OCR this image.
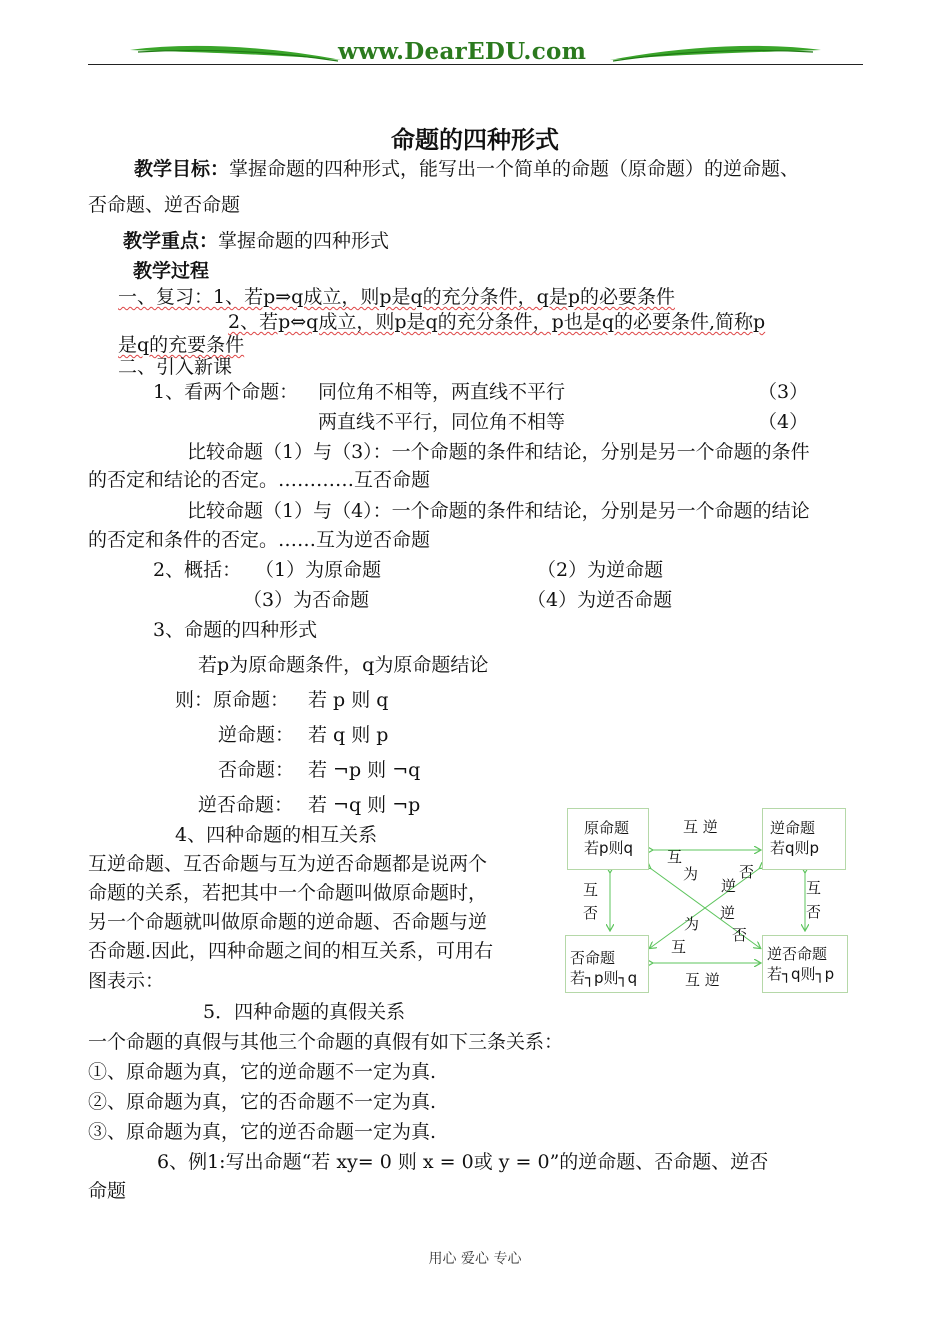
www.DearEDU.com
命题的四种形式
教学目标：掌握命题的四种形式，能写出一个简单的命题（原命题）的逆命题、
否命题、逆否命题
教学重点：掌握命题的四种形式
教学过程
一、复习：1、若p⇒q成立，则p是q的充分条件，q是p的必要条件
2、若p⇔q成立，则p是q的充分条件，p也是q的必要条件,简称p
是q的充要条件
二、引入新课
1、看两个命题： 同位角不相等，两直线不平行	（3）
两直线不平行，同位角不相等	（4）
比较命题（1）与（3）：一个命题的条件和结论，分别是另一个命题的条件
的否定和结论的否定。…………互否命题
比较命题（1）与（4）：一个命题的条件和结论，分别是另一个命题的结论
的否定和条件的否定。……互为逆否命题
2、概括： （1）为原命题	（2）为逆命题
（3）为否命题	（4）为逆否命题
3、命题的四种形式
若p为原命题条件，q为原命题结论
则：原命题： 若 p 则 q
逆命题： 若 q 则 p
否命题： 若 ¬p 则 ¬q
逆否命题： 若 ¬q 则 ¬p
4、四种命题的相互关系
互逆命题、互否命题与互为逆否命题都是说两个
命题的关系，若把其中一个命题叫做原命题时，
另一个命题就叫做原命题的逆命题、否命题与逆
否命题.因此，四种命题之间的相互关系，可用右
图表示：
原命题
若p则q
逆命题
若q则p
否命题
若┐p则┐q
逆否命题
若┐q则┐p
互 逆
互 逆
互
否
互
否
互
为
逆
否
否
逆
为
互
5．四种命题的真假关系
一个命题的真假与其他三个命题的真假有如下三条关系：
①、原命题为真，它的逆命题不一定为真.
②、原命题为真，它的否命题不一定为真.
③、原命题为真，它的逆否命题一定为真.
6、例1:写出命题“若 xy= 0 则 x = 0或 y = 0”的逆命题、否命题、逆否
命题
用心 爱心 专心
